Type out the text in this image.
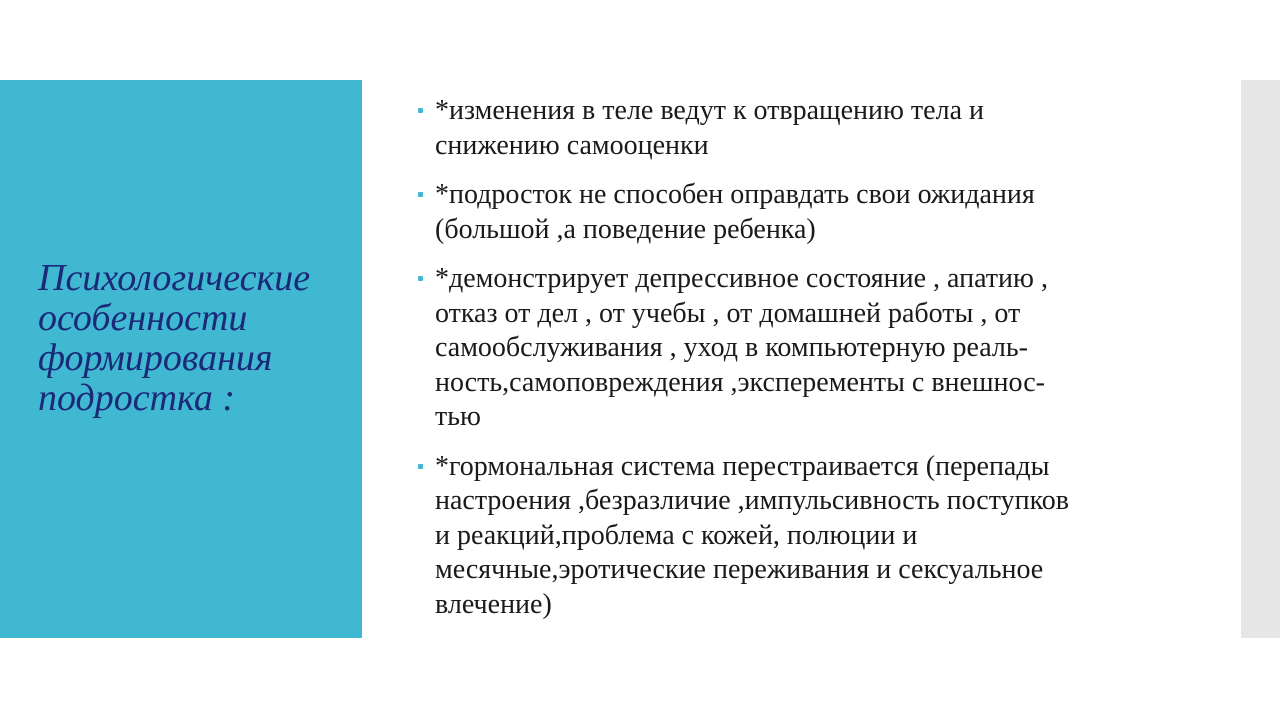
Психологические
особенности
формирования
подростка :
*изменения в теле ведут к отвращению тела и
снижению самооценки
*подросток не способен оправдать свои ожидания
(большой ,а поведение ребенка)
*демонстрирует депрессивное состояние , апатию ,
отказ от дел , от учебы , от домашней работы , от
самообслуживания , уход в компьютерную реаль-
ность,самоповреждения ,эксперементы с внешнос-
тью
*гормональная система перестраивается (перепады
настроения ,безразличие ,импульсивность поступков
и реакций,проблема с кожей, полюции и
месячные,эротические переживания и сексуальное
влечение)
